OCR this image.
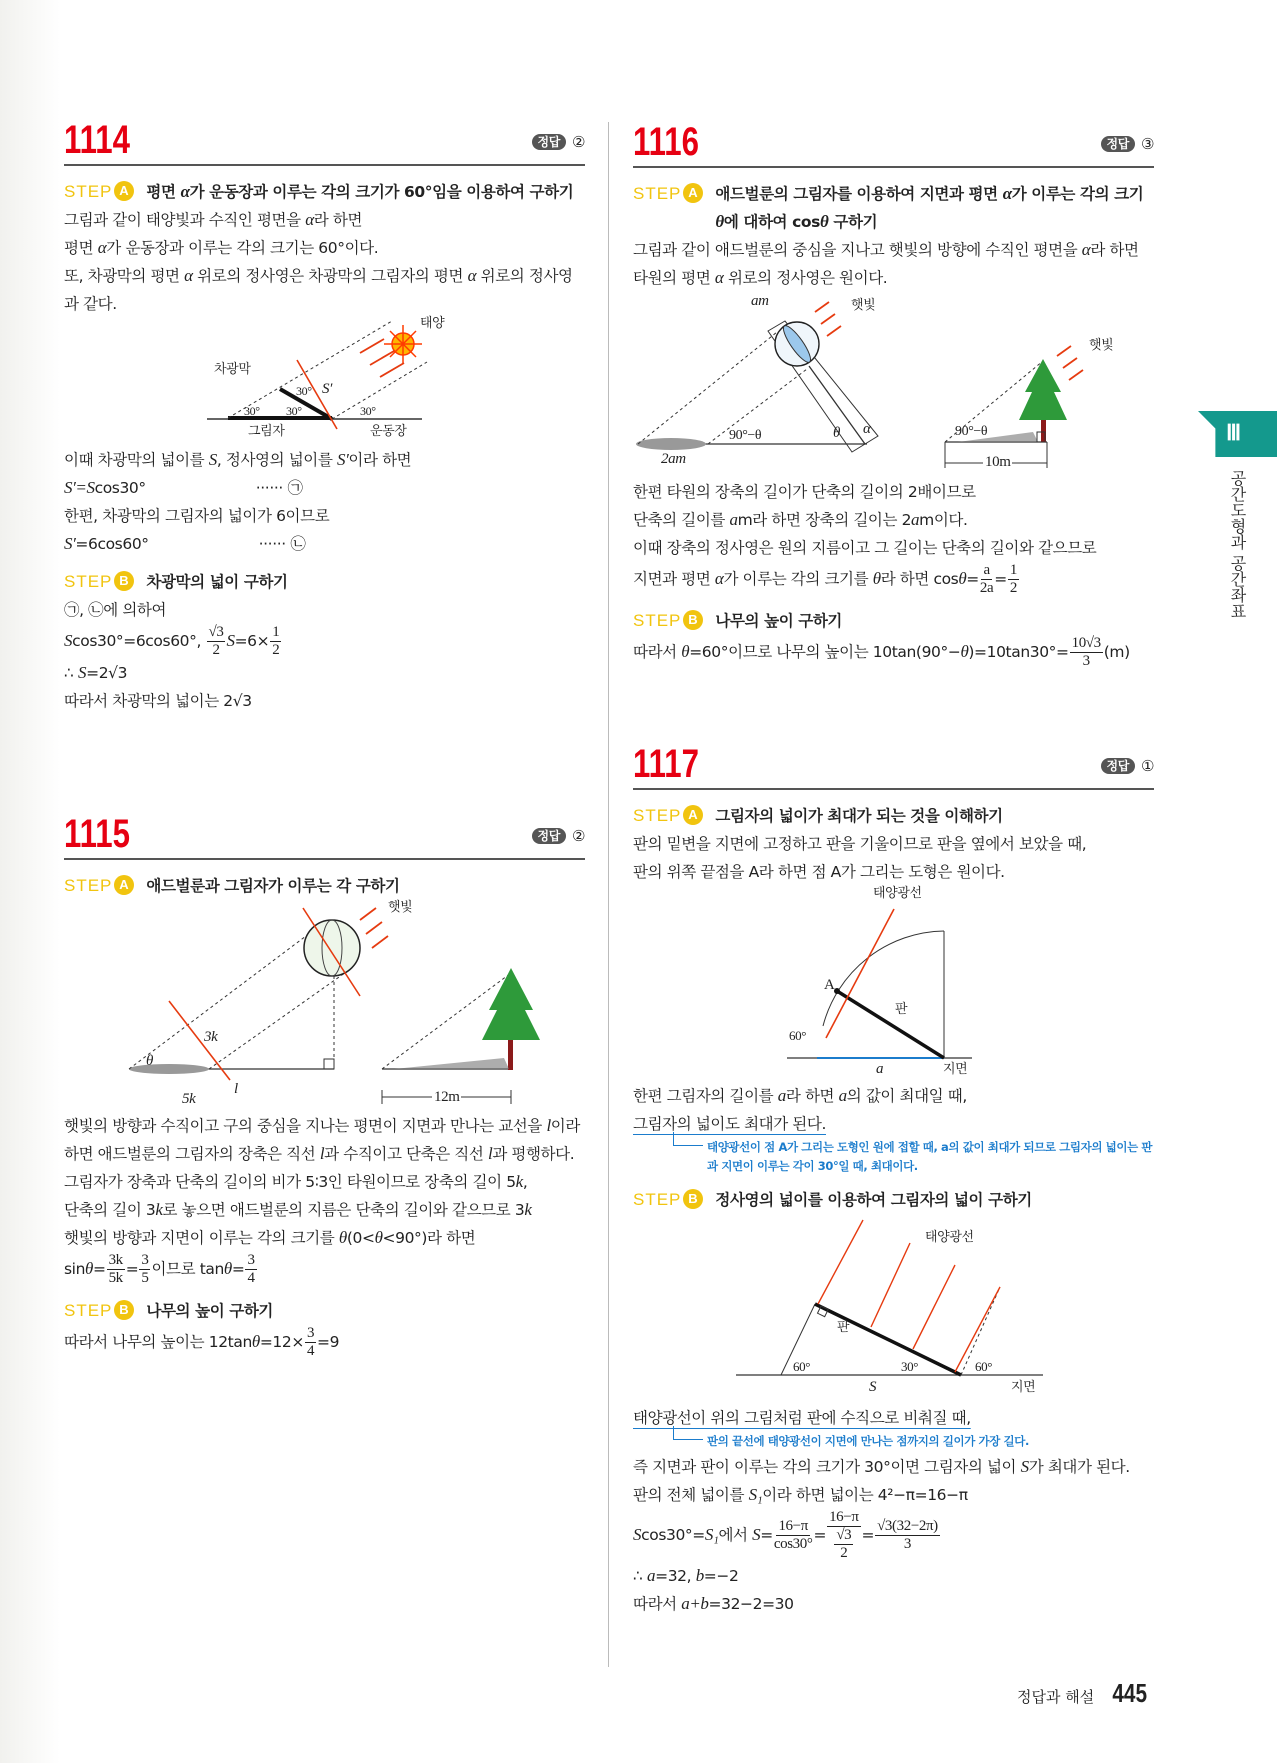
1114	정답 ②
STEP A	평면 α가 운동장과 이루는 각의 크기가 60°임을 이용하여 구하기
그림과 같이 태양빛과 수직인 평면을 α라 하면
평면 α가 운동장과 이루는 각의 크기는 60°이다.
또, 차광막의 평면 α 위로의 정사영은 차광막의 그림자의 평면 α 위로의 정사영과 같다.
태양
차광막
S′
30°
30° 30°	30°
그림자	운동장
이때 차광막의 넓이를 S, 정사영의 넓이를 S′이라 하면
S′=Scos30°	······ ㉠
한편, 차광막의 그림자의 넓이가 6이므로
S′=6cos60°	······ ㉡
STEP B	차광막의 넓이 구하기
㉠, ㉡에 의하여
Scos30°=6cos60°, $\frac{√3}{2} S=6\times \frac{1}{2}$
∴ S=2√3
따라서 차광막의 넓이는 2√3
1115	정답 ②
STEP A	애드벌룬과 그림자가 이루는 각 구하기
햇빛
3k
θ
5k
l	12m
햇빛의 방향과 수직이고 구의 중심을 지나는 평면이 지면과 만나는 교선을 l이라 하면 애드벌룬의 그림자의 장축은 직선 l과 수직이고 단축은 직선 l과 평행하다.
그림자가 장축과 단축의 길이의 비가 5∶3인 타원이므로 장축의 길이 5k,
단축의 길이 3k로 놓으면 애드벌룬의 지름은 단축의 길이와 같으므로 3k
햇빛의 방향과 지면이 이루는 각의 크기를 θ(0<θ<90°)라 하면
$\sin\theta= \frac{3k}{5k} = \frac{3}{5}$ 이므로 $\tan\theta= \frac{3}{4}$
STEP B	나무의 높이 구하기
따라서 나무의 높이는 $12\tan\theta=12\times \frac{3}{4} =9$
1116	정답 ③
STEP A	애드벌룬의 그림자를 이용하여 지면과 평면 α가 이루는 각의 크기 θ에 대하여 cosθ 구하기
그림과 같이 애드벌룬의 중심을 지나고 햇빛의 방향에 수직인 평면을 α라 하면
타원의 평면 α 위로의 정사영은 원이다.
am	햇빛
90°−θ	θ α
2am
햇빛
90°−θ
10m
한편 타원의 장축의 길이가 단축의 길이의 2배이므로
단축의 길이를 am라 하면 장축의 길이는 2am이다.
이때 장축의 정사영은 원의 지름이고 그 길이는 단축의 길이와 같으므로
지면과 평면 α가 이루는 각의 크기를 θ라 하면 $\cos\theta= \frac{a}{2a} = \frac{1}{2}$
STEP B	나무의 높이 구하기
따라서 θ=60°이므로 나무의 높이는 $10\tan(90^\circ-\theta)=10\tan 30^\circ= \frac{10√3}{3} (m)$
1117	정답 ①
STEP A	그림자의 넓이가 최대가 되는 것을 이해하기
판의 밑변을 지면에 고정하고 판을 기울이므로 판을 옆에서 보았을 때,
판의 위쪽 끝점을 A라 하면 점 A가 그리는 도형은 원이다.
태양광선
A
판
60°
a	지면
한편 그림자의 길이를 a라 하면 a의 값이 최대일 때,
그림자의 넓이도 최대가 된다.
태양광선이 점 A가 그리는 도형인 원에 접할 때, a의 값이 최대가 되므로 그림자의 넓이는 판과 지면이 이루는 각이 30°일 때, 최대이다.
STEP B	정사영의 넓이를 이용하여 그림자의 넓이 구하기
태양광선
판
60°	30°	60°
S	지면
태양광선이 위의 그림처럼 판에 수직으로 비춰질 때,
판의 끝선에 태양광선이 지면에 만나는 점까지의 길이가 가장 길다.
즉 지면과 판이 이루는 각의 크기가 30°이면 그림자의 넓이 S가 최대가 된다.
판의 전체 넓이를 S₁이라 하면 넓이는 4²−π=16−π
Scos30°=S₁에서 $S= \frac{16-\pi}{\cos 30^\circ} = \frac{16-\pi}{\frac{√3}{2}} = \frac{√3(32-2\pi)}{3}$
∴ a=32, b=−2
따라서 a+b=32−2=30
Ⅲ
공간도형과 공간좌표
정답과 해설 445
